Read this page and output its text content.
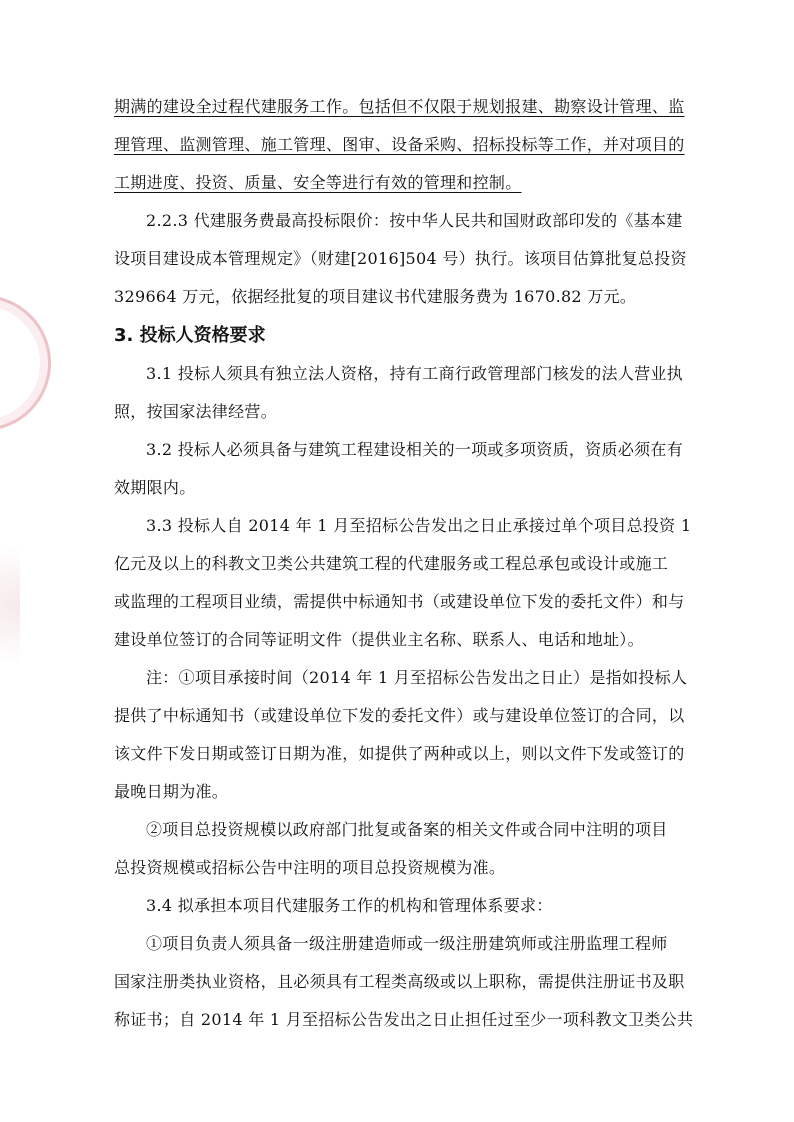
期满的建设全过程代建服务工作。包括但不仅限于规划报建、勘察设计管理、监
理管理、监测管理、施工管理、图审、设备采购、招标投标等工作，并对项目的
工期进度、投资、质量、安全等进行有效的管理和控制。
2.2.3 代建服务费最高投标限价：按中华人民共和国财政部印发的《基本建
设项目建设成本管理规定》（财建[2016]504 号）执行。该项目估算批复总投资
329664 万元，依据经批复的项目建议书代建服务费为 1670.82 万元。
3. 投标人资格要求
3.1 投标人须具有独立法人资格，持有工商行政管理部门核发的法人营业执
照，按国家法律经营。
3.2 投标人必须具备与建筑工程建设相关的一项或多项资质，资质必须在有
效期限内。
3.3 投标人自 2014 年 1 月至招标公告发出之日止承接过单个项目总投资 1
亿元及以上的科教文卫类公共建筑工程的代建服务或工程总承包或设计或施工
或监理的工程项目业绩，需提供中标通知书（或建设单位下发的委托文件）和与
建设单位签订的合同等证明文件（提供业主名称、联系人、电话和地址）。
注：①项目承接时间（2014 年 1 月至招标公告发出之日止）是指如投标人
提供了中标通知书（或建设单位下发的委托文件）或与建设单位签订的合同，以
该文件下发日期或签订日期为准，如提供了两种或以上，则以文件下发或签订的
最晚日期为准。
②项目总投资规模以政府部门批复或备案的相关文件或合同中注明的项目
总投资规模或招标公告中注明的项目总投资规模为准。
3.4 拟承担本项目代建服务工作的机构和管理体系要求：
①项目负责人须具备一级注册建造师或一级注册建筑师或注册监理工程师
国家注册类执业资格，且必须具有工程类高级或以上职称，需提供注册证书及职
称证书；自 2014 年 1 月至招标公告发出之日止担任过至少一项科教文卫类公共
